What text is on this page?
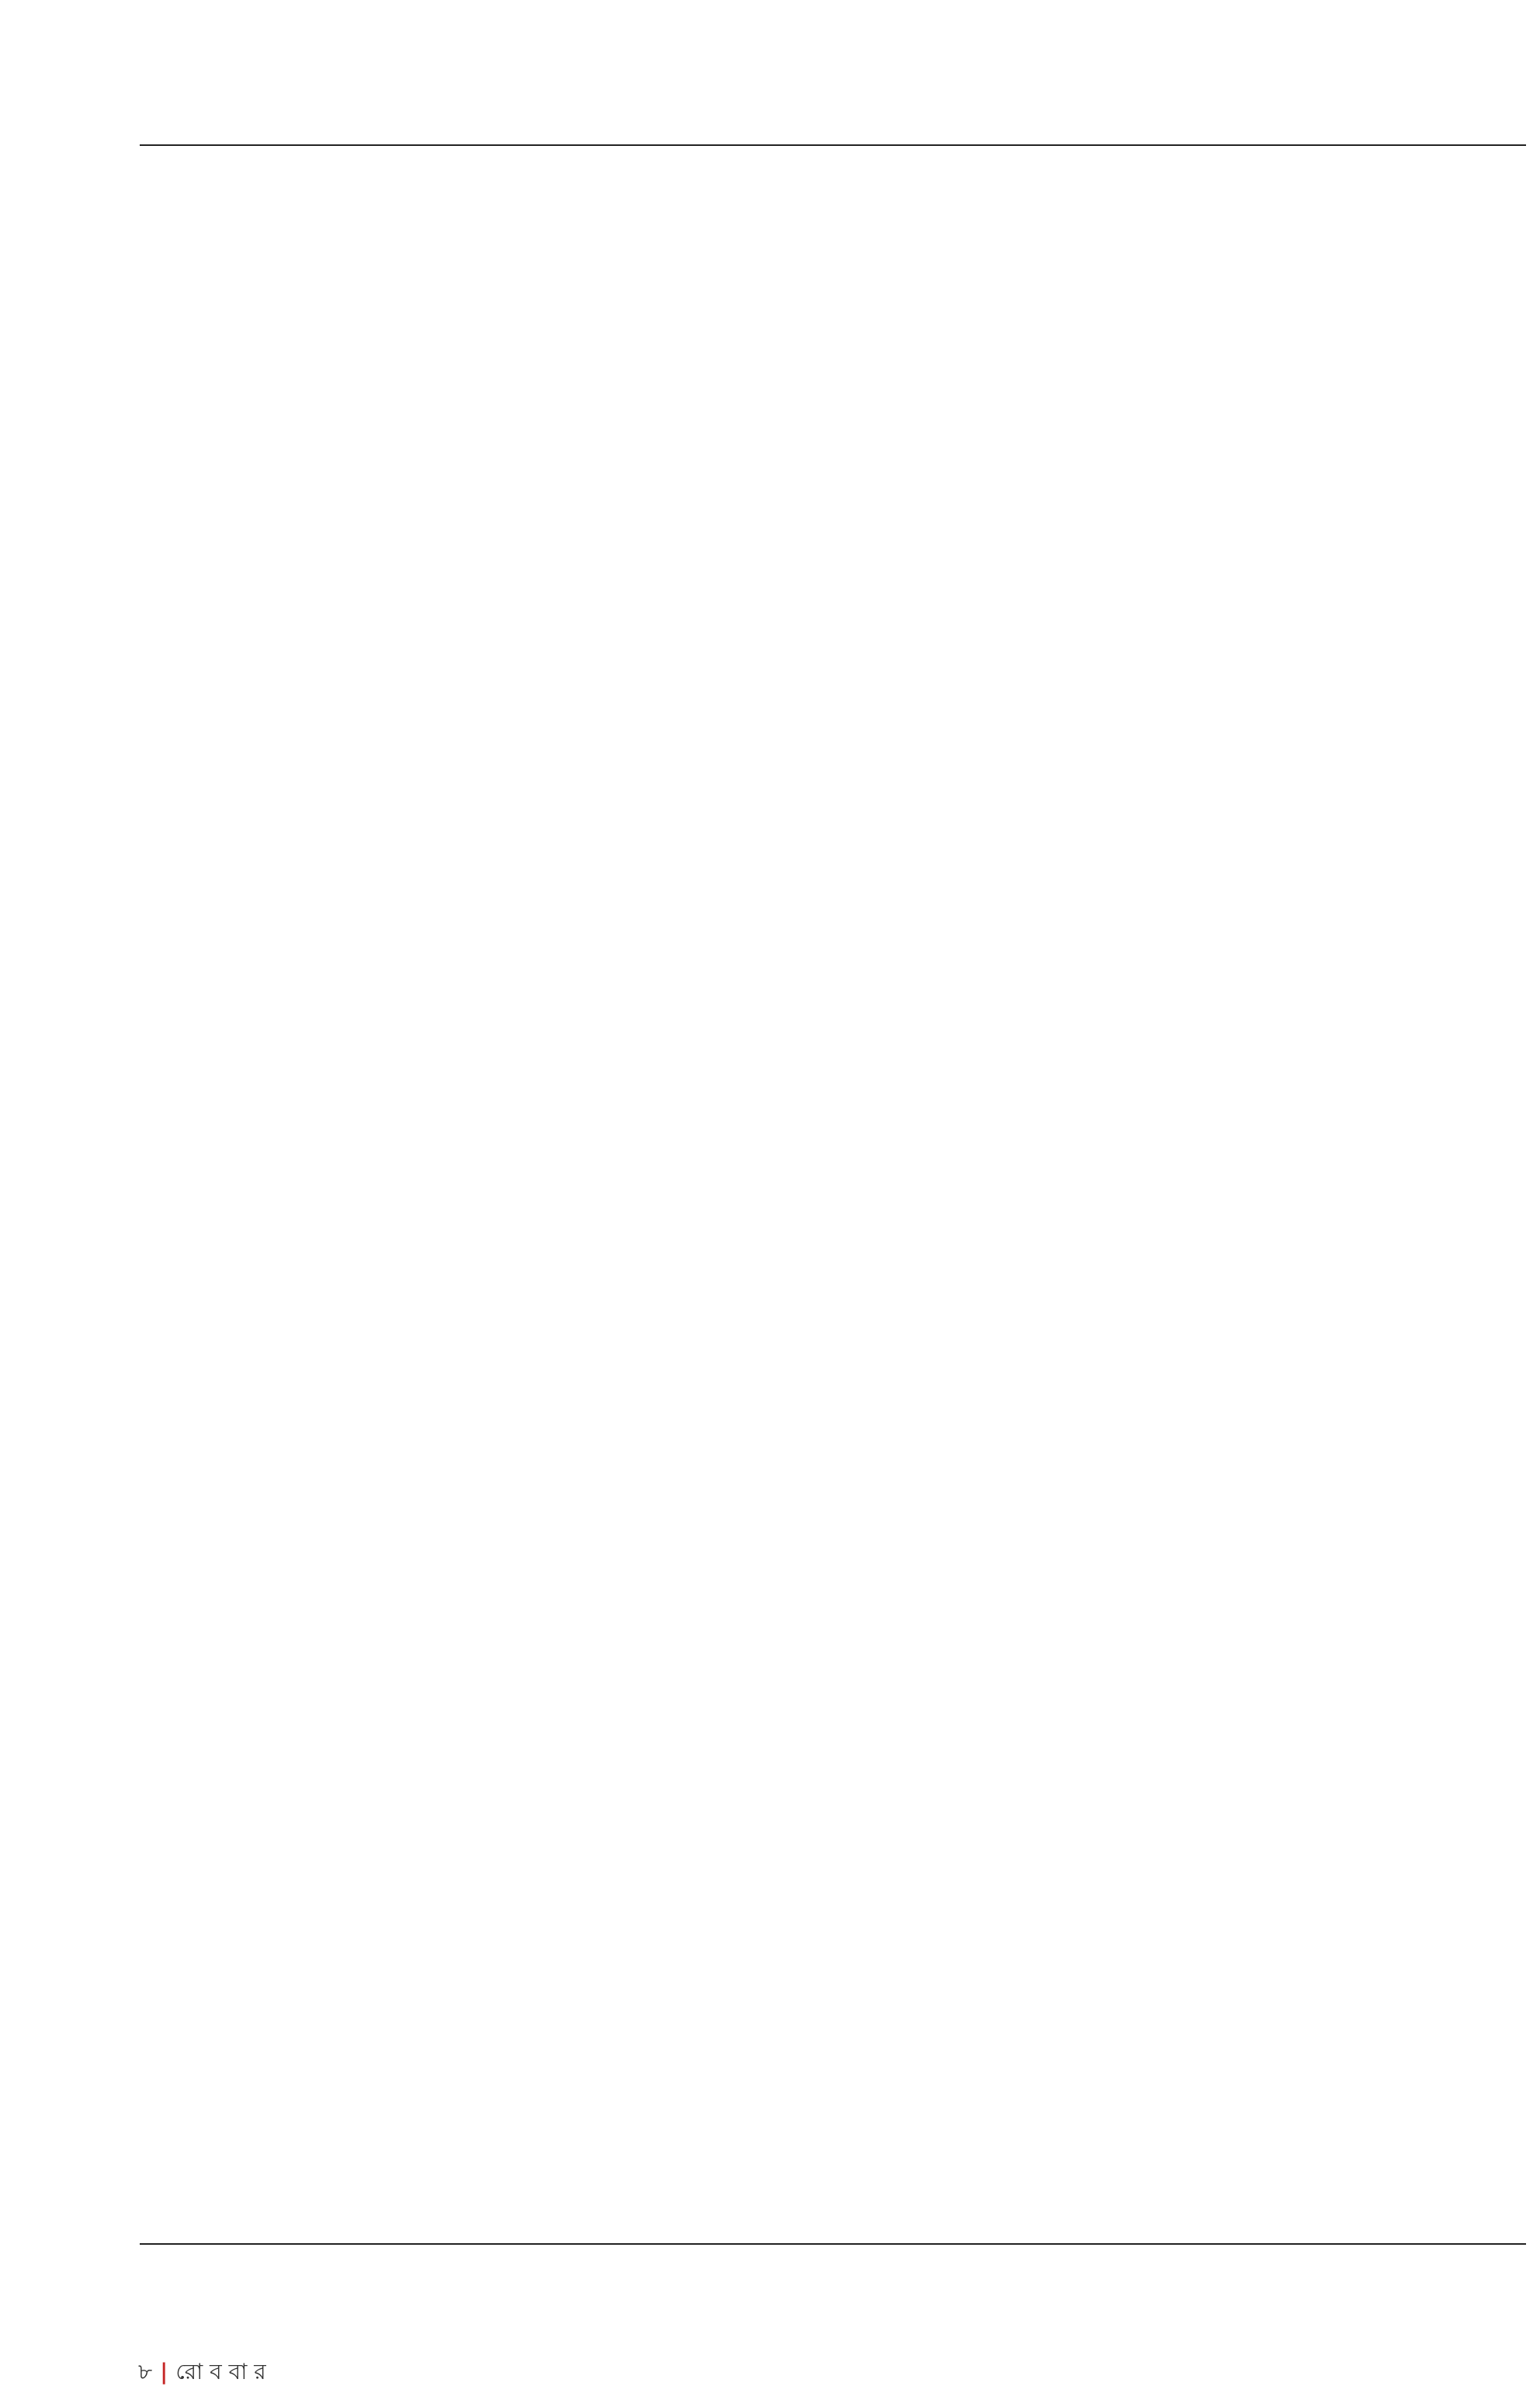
৮ | রো ব বা র
